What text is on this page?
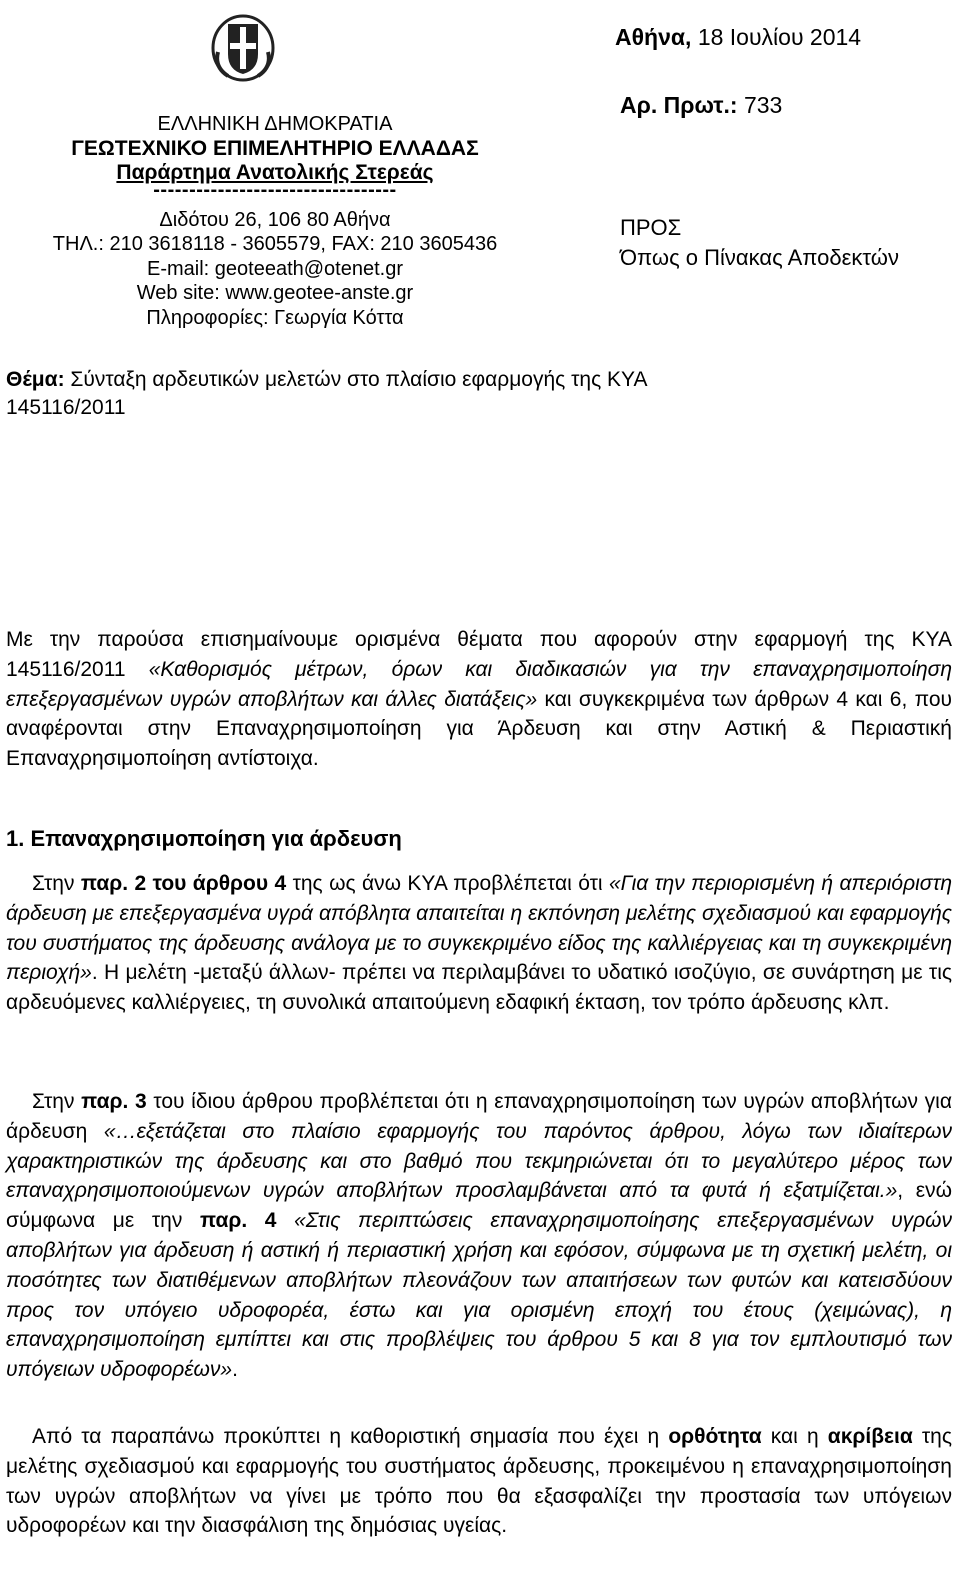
ΕΛΛΗΝΙΚΗ ΔΗΜΟΚΡΑΤΙΑ
ΓΕΩΤΕΧΝΙΚΟ ΕΠΙΜΕΛΗΤΗΡΙΟ ΕΛΛΑΔΑΣ
Παράρτημα Ανατολικής Στερεάς
----------------------------------
Διδότου 26, 106 80 Αθήνα
ΤΗΛ.: 210 3618118 - 3605579, FAX: 210 3605436
E-mail: geoteeath@otenet.gr
Web site: www.geotee-anste.gr
Πληροφορίες: Γεωργία Κόττα
Αθήνα, 18 Ιουλίου 2014
Αρ. Πρωτ.: 733
ΠΡΟΣ
Όπως ο Πίνακας Αποδεκτών
Θέμα: Σύνταξη αρδευτικών μελετών στο πλαίσιο εφαρμογής της ΚΥΑ 145116/2011
Με την παρούσα επισημαίνουμε ορισμένα θέματα που αφορούν στην εφαρμογή της ΚΥΑ 145116/2011 «Καθορισμός μέτρων, όρων και διαδικασιών για την επαναχρησιμοποίηση επεξεργασμένων υγρών αποβλήτων και άλλες διατάξεις» και συγκεκριμένα των άρθρων 4 και 6, που αναφέρονται στην Επαναχρησιμοποίηση για Άρδευση και στην Αστική & Περιαστική Επαναχρησιμοποίηση αντίστοιχα.
1. Επαναχρησιμοποίηση για άρδευση
Στην παρ. 2 του άρθρου 4 της ως άνω ΚΥΑ προβλέπεται ότι «Για την περιορισμένη ή απεριόριστη άρδευση με επεξεργασμένα υγρά απόβλητα απαιτείται η εκπόνηση μελέτης σχεδιασμού και εφαρμογής του συστήματος της άρδευσης ανάλογα με το συγκεκριμένο είδος της καλλιέργειας και τη συγκεκριμένη περιοχή». Η μελέτη -μεταξύ άλλων- πρέπει να περιλαμβάνει το υδατικό ισοζύγιο, σε συνάρτηση με τις αρδευόμενες καλλιέργειες, τη συνολικά απαιτούμενη εδαφική έκταση, τον τρόπο άρδευσης κλπ.
Στην παρ. 3 του ίδιου άρθρου προβλέπεται ότι η επαναχρησιμοποίηση των υγρών αποβλήτων για άρδευση «…εξετάζεται στο πλαίσιο εφαρμογής του παρόντος άρθρου, λόγω των ιδιαίτερων χαρακτηριστικών της άρδευσης και στο βαθμό που τεκμηριώνεται ότι το μεγαλύτερο μέρος των επαναχρησιμοποιούμενων υγρών αποβλήτων προσλαμβάνεται από τα φυτά ή εξατμίζεται.», ενώ σύμφωνα με την παρ. 4 «Στις περιπτώσεις επαναχρησιμοποίησης επεξεργασμένων υγρών αποβλήτων για άρδευση ή αστική ή περιαστική χρήση και εφόσον, σύμφωνα με τη σχετική μελέτη, οι ποσότητες των διατιθέμενων αποβλήτων πλεονάζουν των απαιτήσεων των φυτών και κατεισδύουν προς τον υπόγειο υδροφορέα, έστω και για ορισμένη εποχή του έτους (χειμώνας), η επαναχρησιμοποίηση εμπίπτει και στις προβλέψεις του άρθρου 5 και 8 για τον εμπλουτισμό των υπόγειων υδροφορέων».
Από τα παραπάνω προκύπτει η καθοριστική σημασία που έχει η ορθότητα και η ακρίβεια της μελέτης σχεδιασμού και εφαρμογής του συστήματος άρδευσης, προκειμένου η επαναχρησιμοποίηση των υγρών αποβλήτων να γίνει με τρόπο που θα εξασφαλίζει την προστασία των υπόγειων υδροφορέων και την διασφάλιση της δημόσιας υγείας.
